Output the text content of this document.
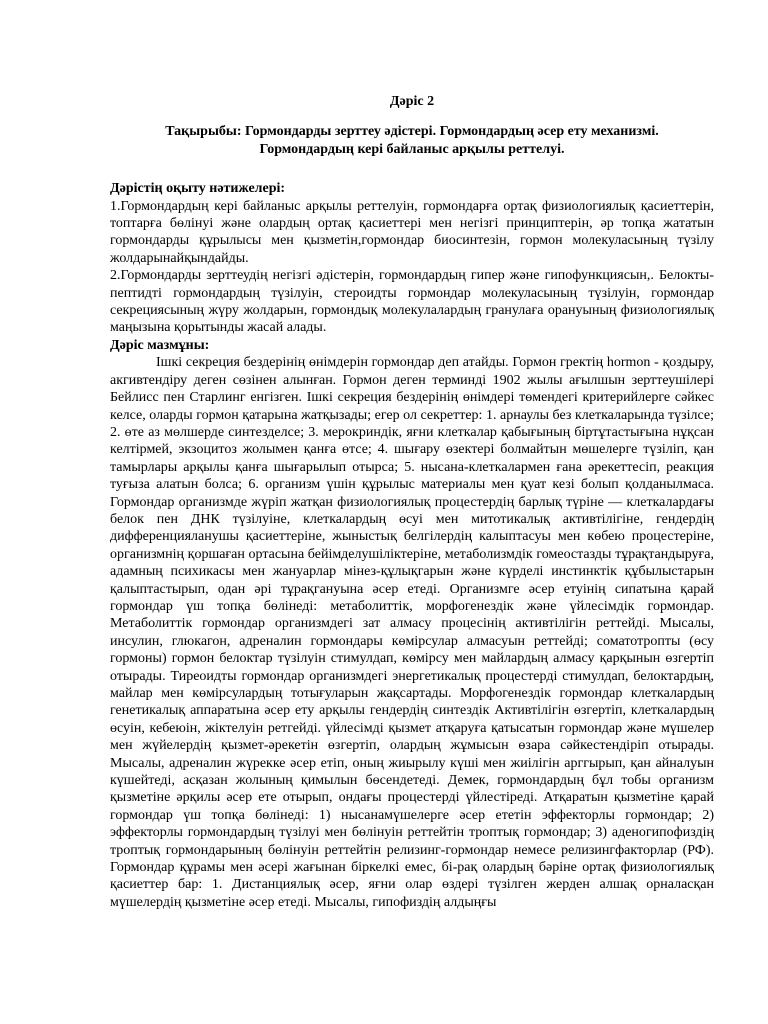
Дәріс 2

Тақырыбы: Гормондарды зерттеу әдістері. Гормондардың әсер ету механизмі.
Гормондардың кері байланыс арқылы реттелуі.

Дәрістің оқыту нәтижелері:

1.Гормондардың кері байланыс арқылы реттелуін, гормондарға ортақ физиологиялық қасиеттерін, топтарға бөлінуі және олардың ортақ қасиеттері мен негізгі принциптерін, әр топқа жататын гормондарды құрылысы мен қызметін,гормондар биосинтезін, гормон молекуласының түзілу жолдарынайқындайды.

2.Гормондарды зерттеудің негізгі әдістерін, гормондардың гипер және гипофункциясын,. Белокты-пептидті гормондардың түзілуін, стероидты гормондар молекуласының түзілуін, гормондар секрециясының жүру жолдарын, гормондық молекулалардың гранулаға орануының физиологиялық маңызына қорытынды жасай алады.

Дәріс мазмұны:

Ішкі секреция бездерінің өнімдерін гормондар деп атайды. Гормон гректің hormon - қоздыру, акгивтендіру деген сөзінен алынған. Гормон деген терминді 1902 жылы ағылшын зерттеушілері Бейлисс пен Старлинг енгізген. Ішкі секреция бездерінің өнімдері төмендегі критерийлерге сәйкес келсе, оларды гормон қатарына жатқызады; егер ол секреттер: 1. арнаулы без клеткаларында түзілсе; 2. өте аз мөлшерде синтезделсе; 3. мерокриндік, яғни клеткалар қабығының біртұтастығына нұқсан келтірмей, экзоцитоз жолымен қанға өтсе; 4. шығару өзектері болмайтын мөшелерге түзіліп, қан тамырлары арқылы қанға шығарылып отырса; 5. нысана-клеткалармен ғана әрекеттесіп, реакция туғыза алатын болса; 6. организм үшін құрылыс материалы мен қуат кезі болып қолданылмаса. Гормондар организмде жүріп жатқан физиологиялық процестердің барлық түріне — клеткалардағы белок пен ДНК түзілуіне, клеткалардың өсуі мен митотикалық активтілігіне, гендердің дифференцияланушы қасиеттеріне, жыныстық белгілердің калыптасуы мен көбею процестеріне, организмнің қоршаған ортасына бейімделушіліктеріне, метаболизмдік гомеостазды тұрақтандыруға, адамның психикасы мен жануарлар мінез-құлықгарын және күрделі инстинктік құбылыстарын қалыптастырып, одан әрі тұрақгануына әсер етеді. Организмге әсер етуінің сипатына қарай гормондар үш топқа бөлінеді: метаболиттік, морфогенездік және үйлесімдік гормондар. Метаболиттік гормондар организмдегі зат алмасу процесінің активтілігін реттейді. Мысалы, инсулин, глюкагон, адреналин гормондары көмірсулар алмасуын реттейді; соматотропты (өсу гормоны) гормон белоктар түзілуін стимулдап, көмірсу мен майлардың алмасу қарқынын өзгертіп отырады. Тиреоидты гормондар организмдегі энергетикалық процестерді стимулдап, белоктардың, майлар мен көмірсулардың тотығуларын жақсартады. Морфогенездік гормондар клеткалардың генетикалық аппаратына әсер ету арқылы гендердің синтездік Активтілігін өзгертіп, клеткалардың өсуін, кебеюін, жіктелуін ретгейді. үйлесімді қызмет атқаруға қатысатын гормондар және мүшелер мен жүйелердің қызмет-әрекетін өзгертіп, олардың жұмысын өзара сәйкестендіріп отырады. Мысалы, адреналин жүрекке әсер етіп, оның жиырылу күші мен жиілігін арггырып, қан айналуын күшейтеді, асқазан жолының қимылын бөсендетеді. Демек, гормондардың бұл тобы организм қызметіне әрқилы әсер ете отырып, ондағы процестерді үйлестіреді. Атқаратын қызметіне қарай гормондар үш топқа бөлінеді: 1) нысанамүшелерге әсер ететін эффекторлы гормондар; 2) эффекторлы гормондардың түзілуі мен бөлінуін реттейтін троптық гормондар; 3) аденогипофиздің троптық гормондарының бөлінуін реттейтін релизинг-гормондар немесе релизингфакторлар (РФ). Гормондар құрамы мен әсері жағынан біркелкі емес, бі-рақ олардың бәріне ортақ физиологиялық қасиеттер бар: 1. Дистанциялық әсер, яғни олар өздері түзілген жерден алшақ орналасқан мүшелердің қызметіне әсер етеді. Мысалы, гипофиздің алдыңғы
